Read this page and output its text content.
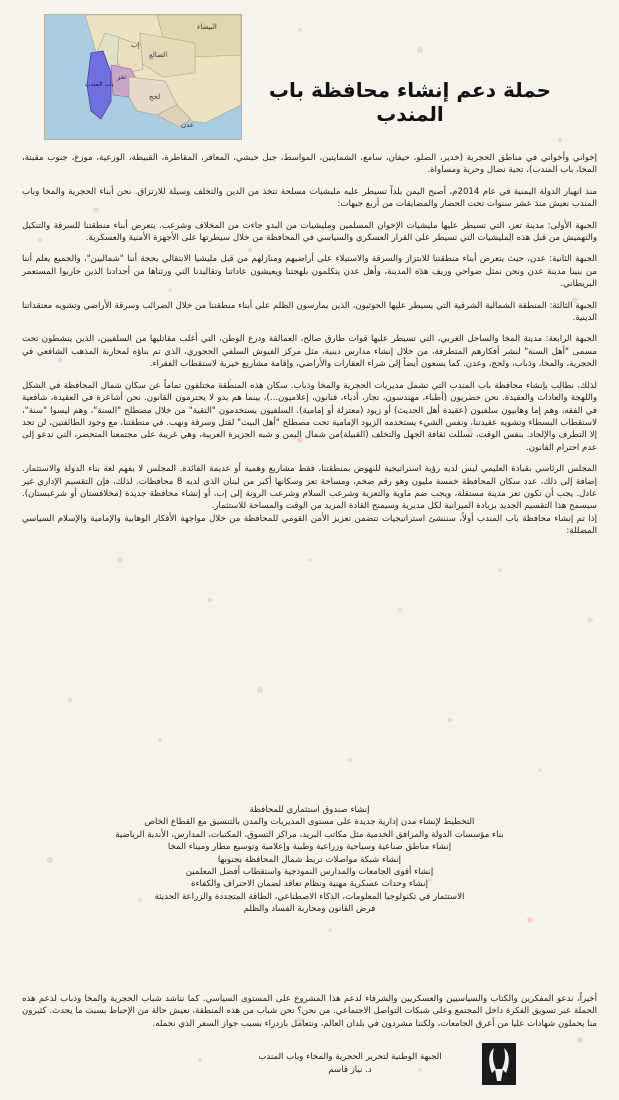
البيضاء
الضالع
إب
تعز
لحج
عدن
باب المندب	حملة دعم إنشاء محافظة باب المندب

إخواني وأخواتي في مناطق الحجرية (خدير، الصلو، حيفان، سامع، الشمايتين، المواسط، جبل حبشي، المعافر، المقاطرة، القبيطة، الوزعية، موزع، جنوب مقبنة، المخا، باب المندب)، تحية نضال وحرية ومساواة.

منذ انهيار الدولة اليمنية في عام 2014م، أصبح اليمن بلداً تسيطر عليه مليشيات مسلحة تتخذ من الدين والتخلف وسيلة للارتزاق. نحن أبناء الحجرية والمخا وباب المندب نعيش منذ عشر سنوات تحت الحصار والمضايقات من أربع جبهات:

الجبهة الأولى: مدينة تعز، التي تسيطر عليها مليشيات الإخوان المسلمين ومليشيات من البدو جاءت من المخلاف وشرعب. يتعرض أبناء منطقتنا للسرقة والتنكيل والتهميش من قبل هذه المليشيات التي تسيطر على القرار العسكري والسياسي في المحافظة من خلال سيطرتها على الأجهزة الأمنية والعسكرية.

الجبهة الثانية: عدن، حيث يتعرض أبناء منطقتنا للابتزاز والسرقة والاستيلاء على أراضيهم ومنازلهم من قبل مليشيا الانتقالي بحجة أننا "شماليين"، والجميع يعلم أننا من بنينا مدينة عدن ونحن نمثل ضواحي وريف هذه المدينة، وأهل عدن يتكلمون بلهجتنا ويعيشون عاداتنا وتقاليدنا التي ورثناها من أجدادنا الذين حاربوا المستعمر البريطاني.

الجبهة الثالثة: المنطقة الشمالية الشرقية التي يسيطر عليها الحوثيون، الذين يمارسون الظلم على أبناء منطقتنا من خلال الضرائب وسرقة الأراضي وتشويه معتقداتنا الدينية.

الجبهة الرابعة: مدينة المخا والساحل الغربي، التي تسيطر عليها قوات طارق صالح، العمالقة ودرع الوطن، التي أغلب مقاتليها من السلفيين، الذين ينشطون تحت مسمى "أهل السنة" لنشر أفكارهم المتطرفة، من خلال إنشاء مدارس دينية، مثل مركز الفيوش السلفي الحجوري، الذي تم بناؤه لمحاربة المذهب الشافعي في الحجرية، والمخا، وذباب، ولحج، وعدن. كما يسعون أيضاً إلى شراء العقارات والأراضي، وإقامة مشاريع خيرية لاستقطاب الفقراء.

لذلك، نطالب بإنشاء محافظة باب المندب التي تشمل مديريات الحجرية والمخا وذباب. سكان هذه المنطقة مختلفون تماماً عن سكان شمال المحافظة في الشكل واللهجة والعادات والعقيدة. نحن حضريون (أطباء، مهندسون، تجار، أدباء، فنانون، إعلاميون...)، بينما هم بدو لا يحترمون القانون. نحن أشاعرة في العقيدة، شافعية في الفقه، وهم إما وهابيون سلفيون (عقيدة أهل الحديث) أو زيود (معتزلة أو إمامية). السلفيون يستخدمون "التقية" من خلال مصطلح "السنة"، وهم ليسوا "سنة"، لاستقطاب البسطاء وتشويه عقيدتنا، ونفس الشيء يستخدمه الزيود الإمامية تحت مصطلح "أهل البيت" لقتل وسرقة ونهب. في منطقتنا، مع وجود الطائفتين، لن تجد إلا التطرف والإلحاد. بنفس الوقت، تسللت ثقافة الجهل والتخلف (القبيلة)من شمال اليمن و شبه الجزيرة العربية، وهي غريبة على مجتمعنا المتحضر، التي تدعو إلى عدم احترام القانون.

المجلس الرئاسي بقيادة العليمي ليس لديه رؤية استراتيجية للنهوض بمنطقتنا، فقط مشاريع وهمية أو عديمة الفائدة. المجلس لا يفهم لغة بناء الدولة والاستثمار. إضافة إلى ذلك، عدد سكان المحافظة خمسة مليون وهو رقم ضخم، ومساحة تعز وسكانها أكبر من لبنان الذي لديه 8 محافظات. لذلك، فإن التقسيم الإداري غير عادل. يجب أن تكون تعز مدينة مستقلة، ويجب ضم ماوية والتعزية وشرعب السلام وشرعب الرونة إلى إب، أو إنشاء محافظة جديدة (مخلافستان أو شرعبستان). سيسمح هذا التقسيم الجديد بزيادة الميزانية لكل مديرية وسيمنح القادة المزيد من الوقت والمساحة للاستثمار.

إذا تم إنشاء محافظة باب المندب أولاً، سننشئ استراتيجيات تتضمن تعزيز الأمن القومي للمحافظة من خلال مواجهة الأفكار الوهابية والإمامية والإسلام السياسي المضللة:

إنشاء صندوق استثماري للمحافظة
التخطيط لإنشاء مدن إدارية جديدة على مستوى المديريات والمدن بالتنسيق مع القطاع الخاص
بناء مؤسسات الدولة والمرافق الخدمية مثل مكاتب البريد، مراكز التسوق، المكتبات، المدارس، الأندية الرياضية
إنشاء مناطق صناعية وسياحية وزراعية وطبية وإعلامية وتوسيع مطار وميناء المخا
إنشاء شبكة مواصلات تربط شمال المحافظة بجنوبها
إنشاء أقوى الجامعات والمدارس النموذجية واستقطاب أفضل المعلمين
إنشاء وحدات عسكرية مهنية ونظام تعاقد لضمان الاحتراف والكفاءة
الاستثمار في تكنولوجيا المعلومات، الذكاء الاصطناعي، الطاقة المتجددة والزراعة الحديثة
فرض القانون ومحاربة الفساد والظلم

أخيراً، ندعو المفكرين والكتاب والسياسيين والعسكريين والشرفاء لدعم هذا المشروع على المستوى السياسي. كما نناشد شباب الحجرية والمخا وذباب لدعم هذه الحملة عبر تسويق الفكرة داخل المجتمع وعلى شبكات التواصل الاجتماعي. من نحن؟ نحن شباب من هذه المنطقة، نعيش حالة من الإحباط بسبب ما يحدث. كثيرون منا يحملون شهادات عليا من أعرق الجامعات، ولكننا مشردون في بلدان العالم، ونتعامل بازدراء بسبب جواز السفر الذي نحمله.

الجبهة الوطنية لتحرير الحجرية والمخاء وباب المندب
د. نياز قاسم
